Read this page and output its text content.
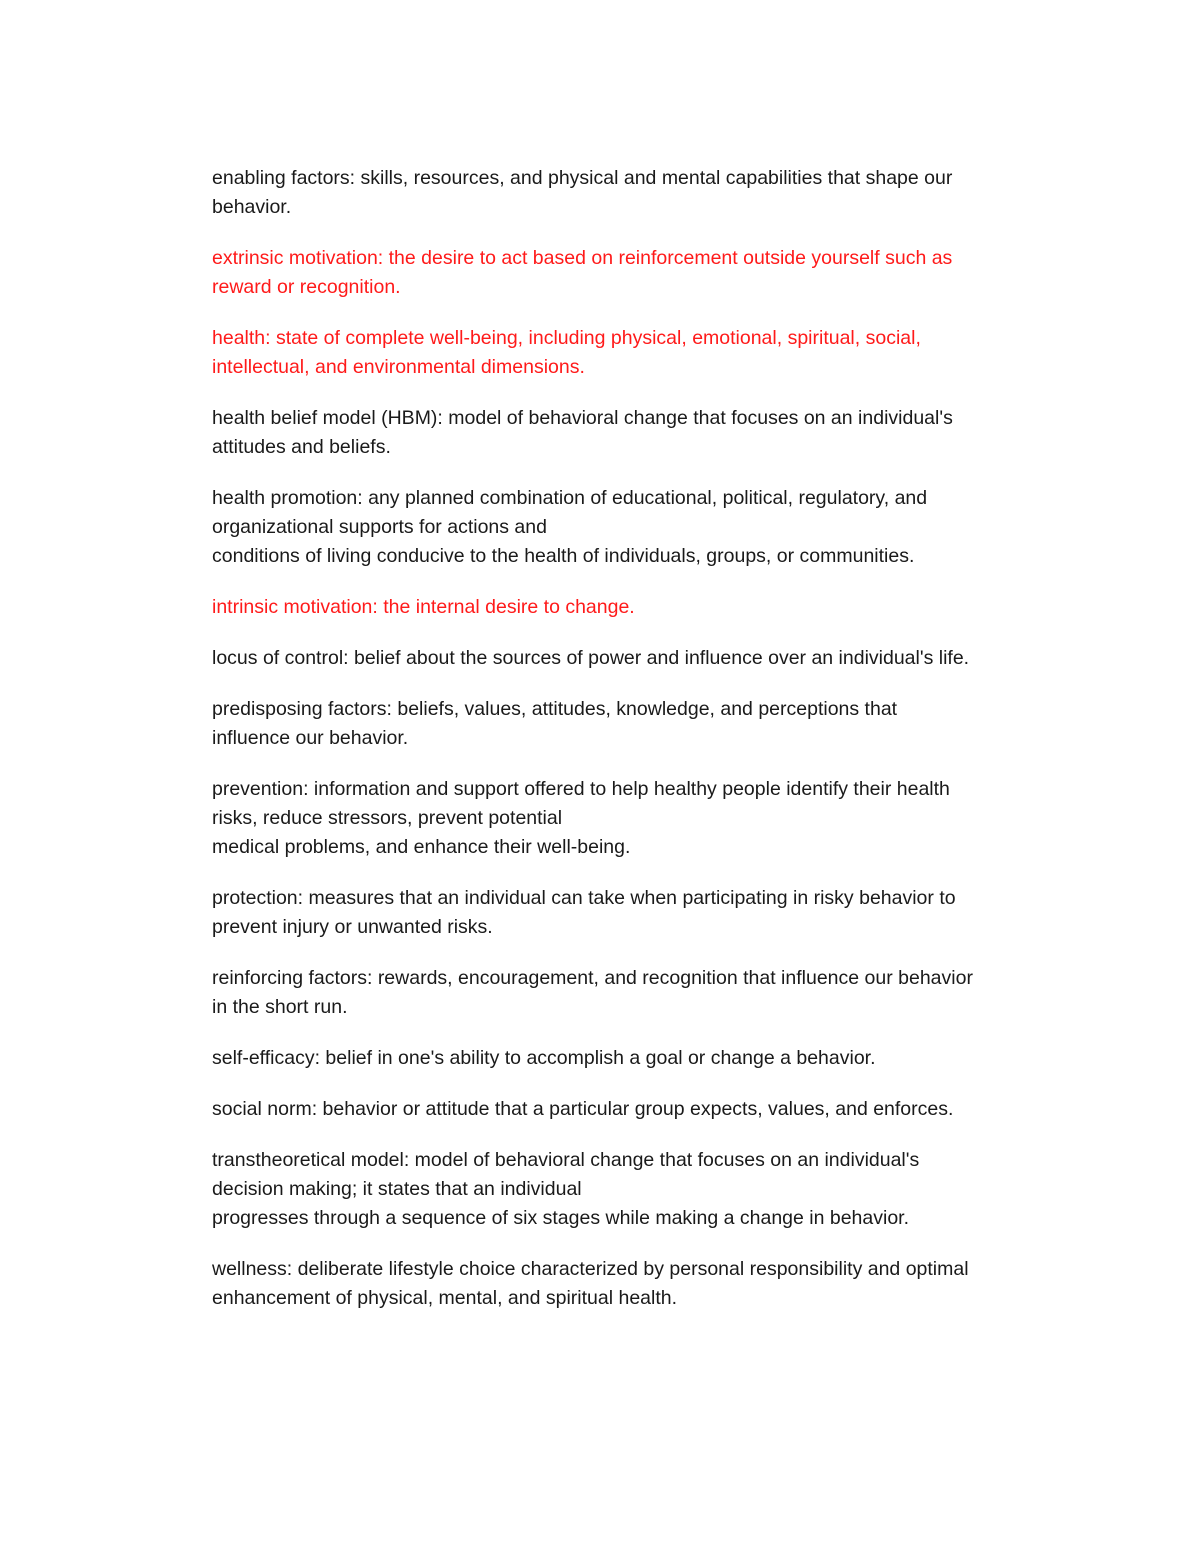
enabling factors: skills, resources, and physical and mental capabilities that shape our
behavior.

extrinsic motivation: the desire to act based on reinforcement outside yourself such as
reward or recognition.

health: state of complete well-being, including physical, emotional, spiritual, social,
intellectual, and environmental dimensions.

health belief model (HBM): model of behavioral change that focuses on an individual's
attitudes and beliefs.

health promotion: any planned combination of educational, political, regulatory, and
organizational supports for actions and
conditions of living conducive to the health of individuals, groups, or communities.

intrinsic motivation: the internal desire to change.

locus of control: belief about the sources of power and influence over an individual's life.

predisposing factors: beliefs, values, attitudes, knowledge, and perceptions that
influence our behavior.

prevention: information and support offered to help healthy people identify their health
risks, reduce stressors, prevent potential
medical problems, and enhance their well-being.

protection: measures that an individual can take when participating in risky behavior to
prevent injury or unwanted risks.

reinforcing factors: rewards, encouragement, and recognition that influence our behavior
in the short run.

self-efficacy: belief in one's ability to accomplish a goal or change a behavior.

social norm: behavior or attitude that a particular group expects, values, and enforces.

transtheoretical model: model of behavioral change that focuses on an individual's
decision making; it states that an individual
progresses through a sequence of six stages while making a change in behavior.

wellness: deliberate lifestyle choice characterized by personal responsibility and optimal
enhancement of physical, mental, and spiritual health.
